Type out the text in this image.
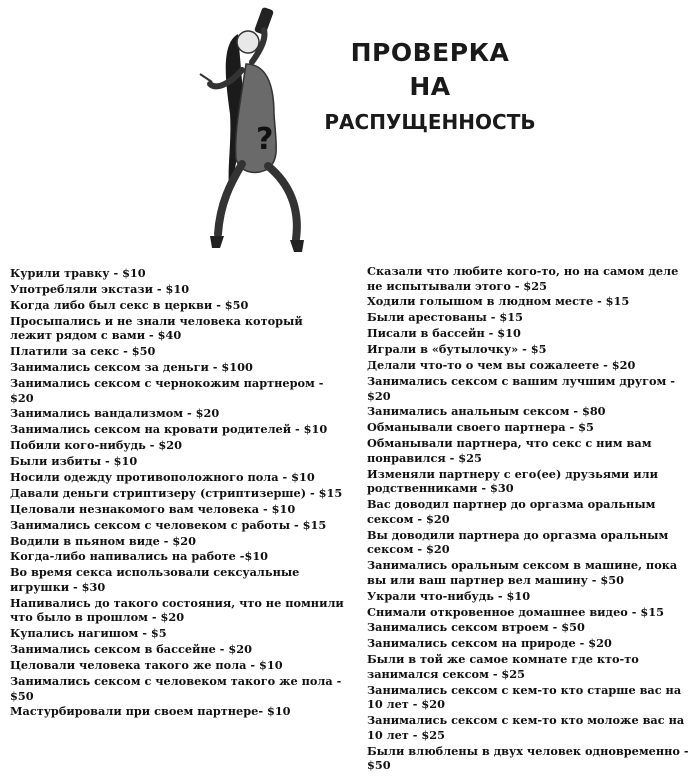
?
ПРОВЕРКА
НА
РАСПУЩЕННОСТЬ
Курили травку - $10
Употребляли экстази - $10
Когда либо был секс в церкви - $50
Просыпались и не знали человека который лежит рядом с вами - $40
Платили за секс - $50
Занимались сексом за деньги - $100
Занимались сексом с чернокожим партнером - $20
Занимались вандализмом - $20
Занимались сексом на кровати родителей - $10
Побили кого-нибудь - $20
Были избиты - $10
Носили одежду противоположного пола - $10
Давали деньги стриптизеру (стриптизерше) - $15
Целовали незнакомого вам человека - $10
Занимались сексом с человеком с работы - $15
Водили в пьяном виде - $20
Когда-либо напивались на работе -$10
Во время секса использовали сексуальные игрушки - $30
Напивались до такого состояния, что не помнили что было в прошлом - $20
Купались нагишом - $5
Занимались сексом в бассейне - $20
Целовали человека такого же пола - $10
Занимались сексом с человеком такого же пола - $50
Мастурбировали при своем партнере- $10
Сказали что любите кого-то, но на самом деле не испытывали этого - $25
Ходили голышом в людном месте - $15
Были арестованы - $15
Писали в бассейн - $10
Играли в «бутылочку» - $5
Делали что-то о чем вы сожалеете - $20
Занимались сексом с вашим лучшим другом - $20
Занимались анальным сексом - $80
Обманывали своего партнера - $5
Обманывали партнера, что секс с ним вам понравился - $25
Изменяли партнеру с его(ее) друзьями или родственниками - $30
Вас доводил партнер до оргазма оральным сексом - $20
Вы доводили партнера до оргазма оральным сексом - $20
Занимались оральным сексом в машине, пока вы или ваш партнер вел машину - $50
Украли что-нибудь - $10
Снимали откровенное домашнее видео - $15
Занимались сексом втроем - $50
Занимались сексом на природе - $20
Были в той же самое комнате где кто-то занимался сексом - $25
Занимались сексом с кем-то кто старше вас на 10 лет - $20
Занимались сексом с кем-то кто моложе вас на 10 лет - $25
Были влюблены в двух человек одновременно - $50
